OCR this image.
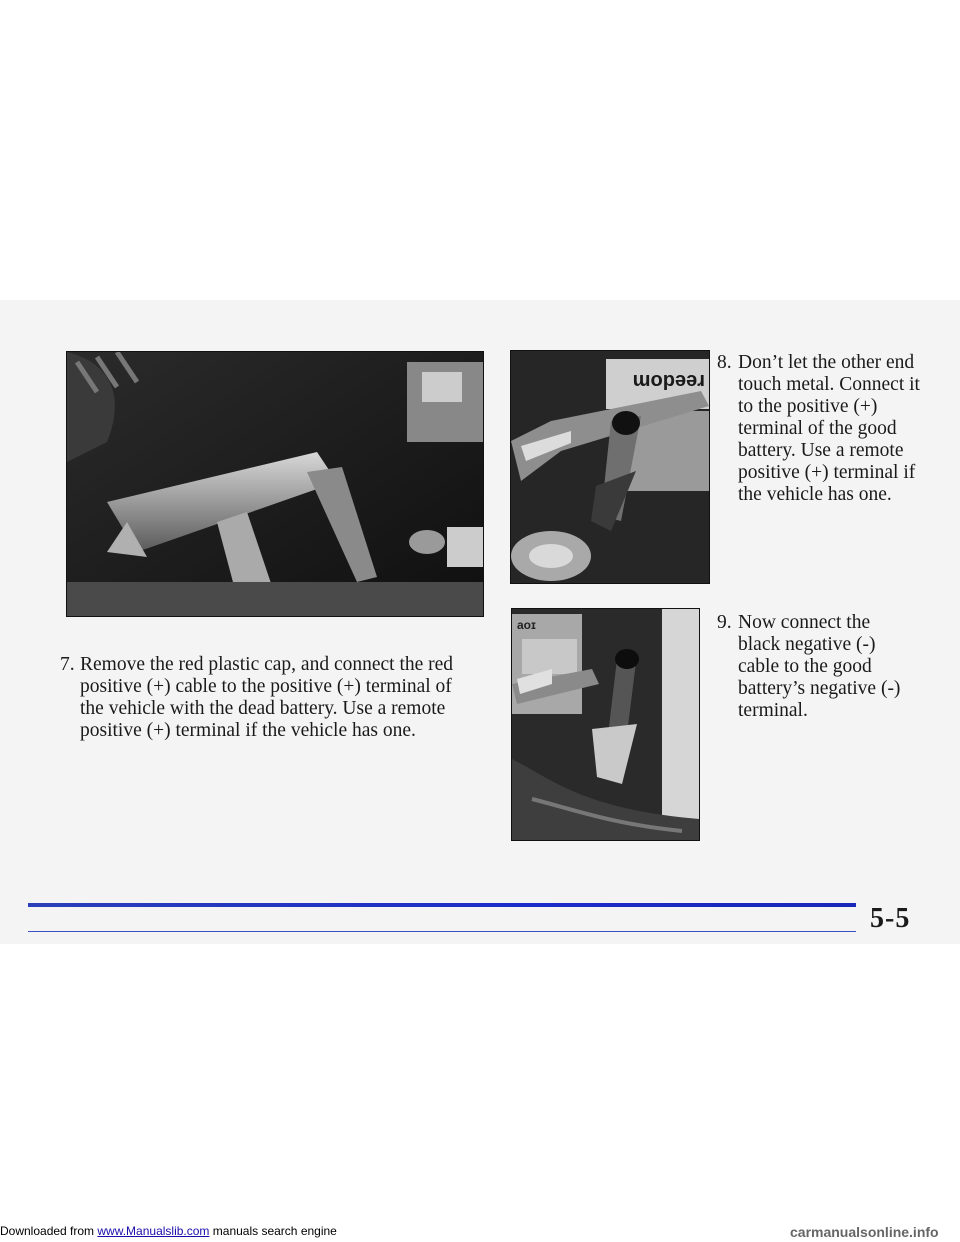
reedom
aoɪ
7. Remove the red plastic cap, and connect the red positive (+) cable to the positive (+) terminal of the vehicle with the dead battery. Use a remote positive (+) terminal if the vehicle has one.
8. Don’t let the other end touch metal. Connect it to the positive (+) terminal of the good battery. Use a remote positive (+) terminal if the vehicle has one.
9. Now connect the black negative (-) cable to the good battery’s negative (-) terminal.
5-5
Downloaded from www.Manualslib.com manuals search engine	carmanualsonline.info
